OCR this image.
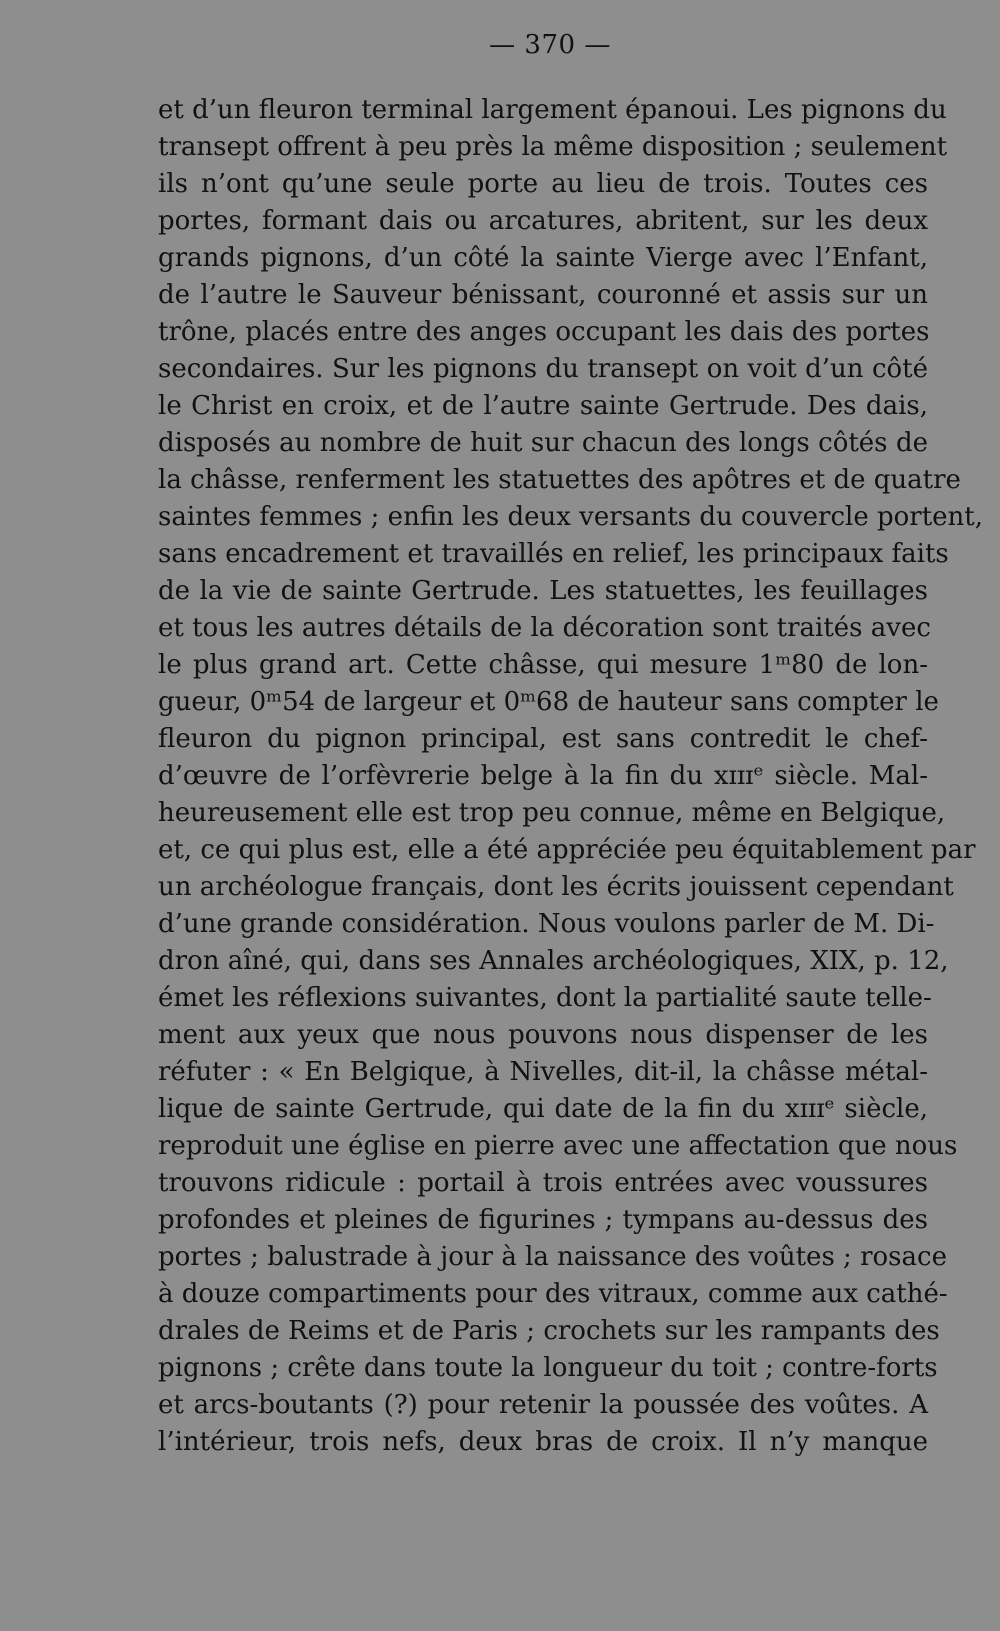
— 370 —
et d’un fleuron terminal largement épanoui. Les pignons du
transept offrent à peu près la même disposition ; seulement
ils n’ont qu’une seule porte au lieu de trois. Toutes ces
portes, formant dais ou arcatures, abritent, sur les deux
grands pignons, d’un côté la sainte Vierge avec l’Enfant,
de l’autre le Sauveur bénissant, couronné et assis sur un
trône, placés entre des anges occupant les dais des portes
secondaires. Sur les pignons du transept on voit d’un côté
le Christ en croix, et de l’autre sainte Gertrude. Des dais,
disposés au nombre de huit sur chacun des longs côtés de
la châsse, renferment les statuettes des apôtres et de quatre
saintes femmes ; enfin les deux versants du couvercle portent,
sans encadrement et travaillés en relief, les principaux faits
de la vie de sainte Gertrude. Les statuettes, les feuillages
et tous les autres détails de la décoration sont traités avec
le plus grand art. Cette châsse, qui mesure 1ᵐ80 de lon-
gueur, 0ᵐ54 de largeur et 0ᵐ68 de hauteur sans compter le
fleuron du pignon principal, est sans contredit le chef-
d’œuvre de l’orfèvrerie belge à la fin du xɪɪɪᵉ siècle. Mal-
heureusement elle est trop peu connue, même en Belgique,
et, ce qui plus est, elle a été appréciée peu équitablement par
un archéologue français, dont les écrits jouissent cependant
d’une grande considération. Nous voulons parler de M. Di-
dron aîné, qui, dans ses Annales archéologiques, XIX, p. 12,
émet les réflexions suivantes, dont la partialité saute telle-
ment aux yeux que nous pouvons nous dispenser de les
réfuter : « En Belgique, à Nivelles, dit-il, la châsse métal-
lique de sainte Gertrude, qui date de la fin du xɪɪɪᵉ siècle,
reproduit une église en pierre avec une affectation que nous
trouvons ridicule : portail à trois entrées avec voussures
profondes et pleines de figurines ; tympans au-dessus des
portes ; balustrade à jour à la naissance des voûtes ; rosace
à douze compartiments pour des vitraux, comme aux cathé-
drales de Reims et de Paris ; crochets sur les rampants des
pignons ; crête dans toute la longueur du toit ; contre-forts
et arcs-boutants (?) pour retenir la poussée des voûtes. A
l’intérieur, trois nefs, deux bras de croix. Il n’y manque
